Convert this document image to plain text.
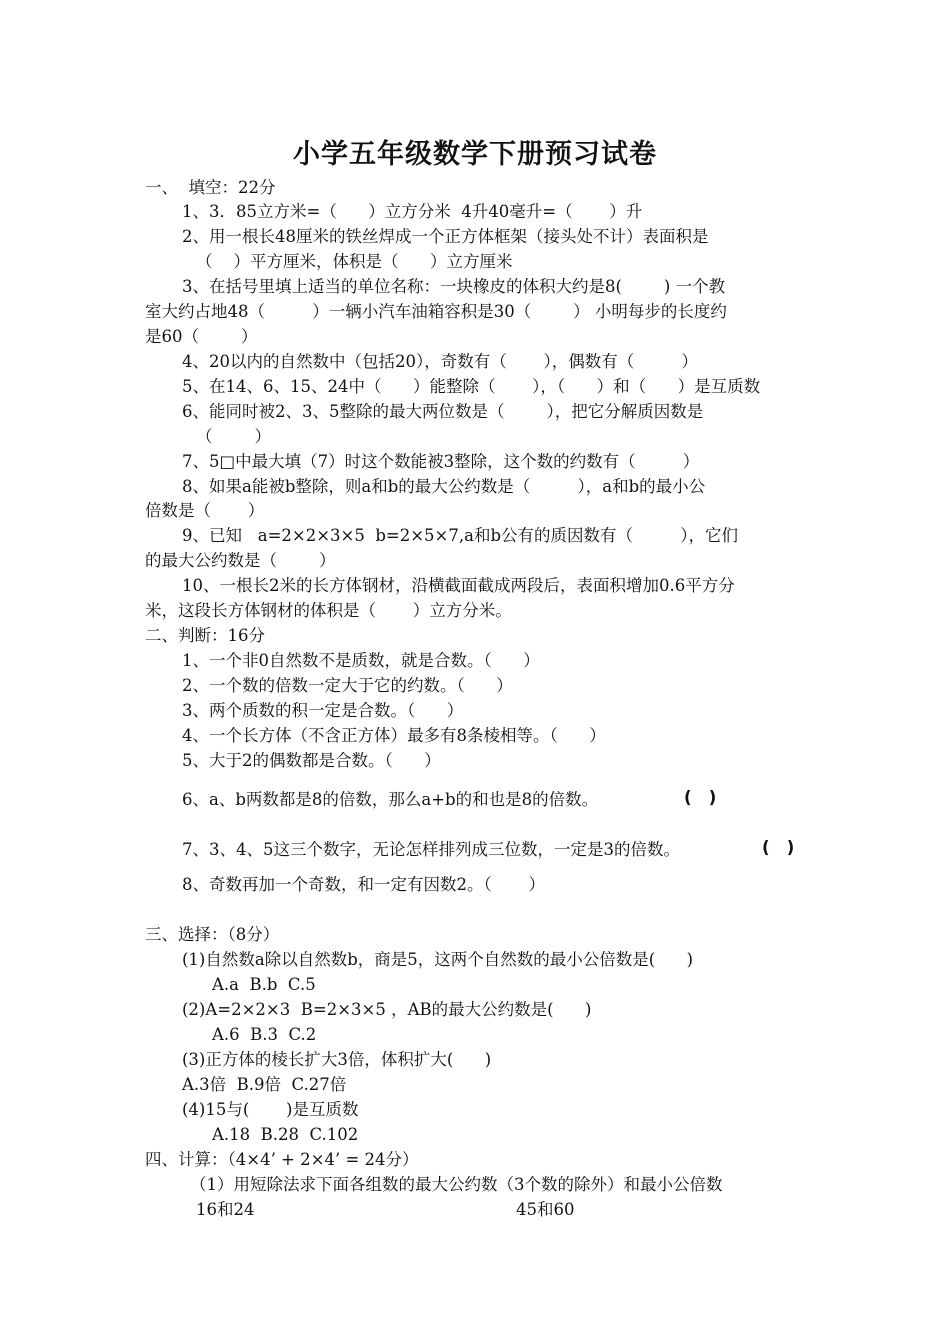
小学五年级数学下册预习试卷
一、  填空：22分
1、3．85立方米=（      ）立方分米  4升40毫升=（       ）升
2、用一根长48厘米的铁丝焊成一个正方体框架（接头处不计）表面积是
（    ）平方厘米，体积是（      ）立方厘米
3、在括号里填上适当的单位名称：一块橡皮的体积大约是8(        ) 一个教
室大约占地48（         ）一辆小汽车油箱容积是30（        ） 小明每步的长度约
是60（        ）
4、20以内的自然数中（包括20），奇数有（       ），偶数有（         ）
5、在14、6、15、24中（      ）能整除（       ），（      ）和（      ）是互质数
6、能同时被2、3、5整除的最大两位数是（        ），把它分解质因数是
（        ）
7、5□中最大填（7）时这个数能被3整除，这个数的约数有（         ）
8、如果a能被b整除，则a和b的最大公约数是（         ），a和b的最小公
倍数是（       ）
9、已知   a=2×2×3×5  b=2×5×7,a和b公有的质因数有（         ），它们
的最大公约数是（        ）
10、一根长2米的长方体钢材，沿横截面截成两段后，表面积增加0.6平方分
米，这段长方体钢材的体积是（       ）立方分米。
二、判断：16分
1、一个非0自然数不是质数，就是合数。（      ）
2、一个数的倍数一定大于它的约数。（      ）
3、两个质数的积一定是合数。（      ）
4、一个长方体（不含正方体）最多有8条棱相等。（      ）
5、大于2的偶数都是合数。（      ）
6、a、b两数都是8的倍数，那么a+b的和也是8的倍数。	(   )
7、3、4、5这三个数字，无论怎样排列成三位数，一定是3的倍数。	(   )
8、奇数再加一个奇数，和一定有因数2。（       ）
三、选择：（8分）
(1)自然数a除以自然数b，商是5，这两个自然数的最小公倍数是(      )
A.a  B.b  C.5
(2)A=2×2×3  B=2×3×5 ，AB的最大公约数是(      )
A.6  B.3  C.2
(3)正方体的棱长扩大3倍，体积扩大(      )
A.3倍  B.9倍  C.27倍
(4)15与(       )是互质数
A.18  B.28  C.102
四、计算：（4×4’ + 2×4’ = 24分）
（1）用短除法求下面各组数的最大公约数（3个数的除外）和最小公倍数
16和24	45和60
